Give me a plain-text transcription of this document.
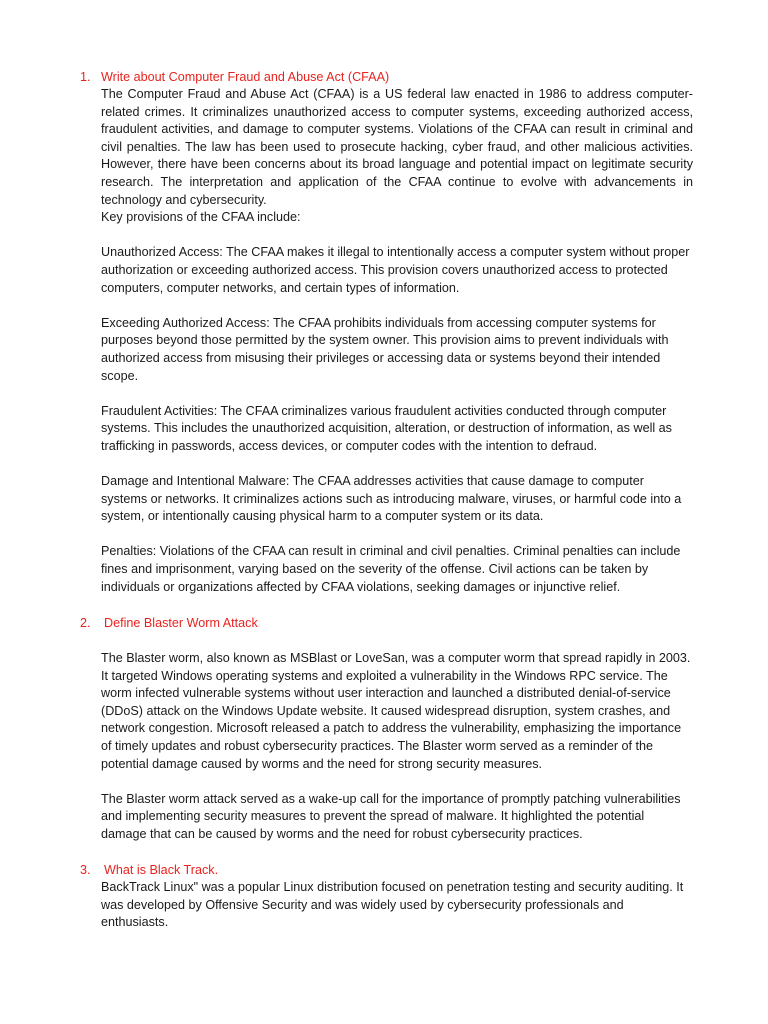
1. Write about Computer Fraud and Abuse Act (CFAA)

The Computer Fraud and Abuse Act (CFAA) is a US federal law enacted in 1986 to address computer-related crimes. It criminalizes unauthorized access to computer systems, exceeding authorized access, fraudulent activities, and damage to computer systems. Violations of the CFAA can result in criminal and civil penalties. The law has been used to prosecute hacking, cyber fraud, and other malicious activities. However, there have been concerns about its broad language and potential impact on legitimate security research. The interpretation and application of the CFAA continue to evolve with advancements in technology and cybersecurity.

Key provisions of the CFAA include:

Unauthorized Access: The CFAA makes it illegal to intentionally access a computer system without proper authorization or exceeding authorized access. This provision covers unauthorized access to protected computers, computer networks, and certain types of information.

Exceeding Authorized Access: The CFAA prohibits individuals from accessing computer systems for purposes beyond those permitted by the system owner. This provision aims to prevent individuals with authorized access from misusing their privileges or accessing data or systems beyond their intended scope.

Fraudulent Activities: The CFAA criminalizes various fraudulent activities conducted through computer systems. This includes the unauthorized acquisition, alteration, or destruction of information, as well as trafficking in passwords, access devices, or computer codes with the intention to defraud.

Damage and Intentional Malware: The CFAA addresses activities that cause damage to computer systems or networks. It criminalizes actions such as introducing malware, viruses, or harmful code into a system, or intentionally causing physical harm to a computer system or its data.

Penalties: Violations of the CFAA can result in criminal and civil penalties. Criminal penalties can include fines and imprisonment, varying based on the severity of the offense. Civil actions can be taken by individuals or organizations affected by CFAA violations, seeking damages or injunctive relief.

2. Define Blaster Worm Attack

The Blaster worm, also known as MSBlast or LoveSan, was a computer worm that spread rapidly in 2003. It targeted Windows operating systems and exploited a vulnerability in the Windows RPC service. The worm infected vulnerable systems without user interaction and launched a distributed denial-of-service (DDoS) attack on the Windows Update website. It caused widespread disruption, system crashes, and network congestion. Microsoft released a patch to address the vulnerability, emphasizing the importance of timely updates and robust cybersecurity practices. The Blaster worm served as a reminder of the potential damage caused by worms and the need for strong security measures.

The Blaster worm attack served as a wake-up call for the importance of promptly patching vulnerabilities and implementing security measures to prevent the spread of malware. It highlighted the potential damage that can be caused by worms and the need for robust cybersecurity practices.

3. What is Black Track.

BackTrack Linux" was a popular Linux distribution focused on penetration testing and security auditing. It was developed by Offensive Security and was widely used by cybersecurity professionals and enthusiasts.
